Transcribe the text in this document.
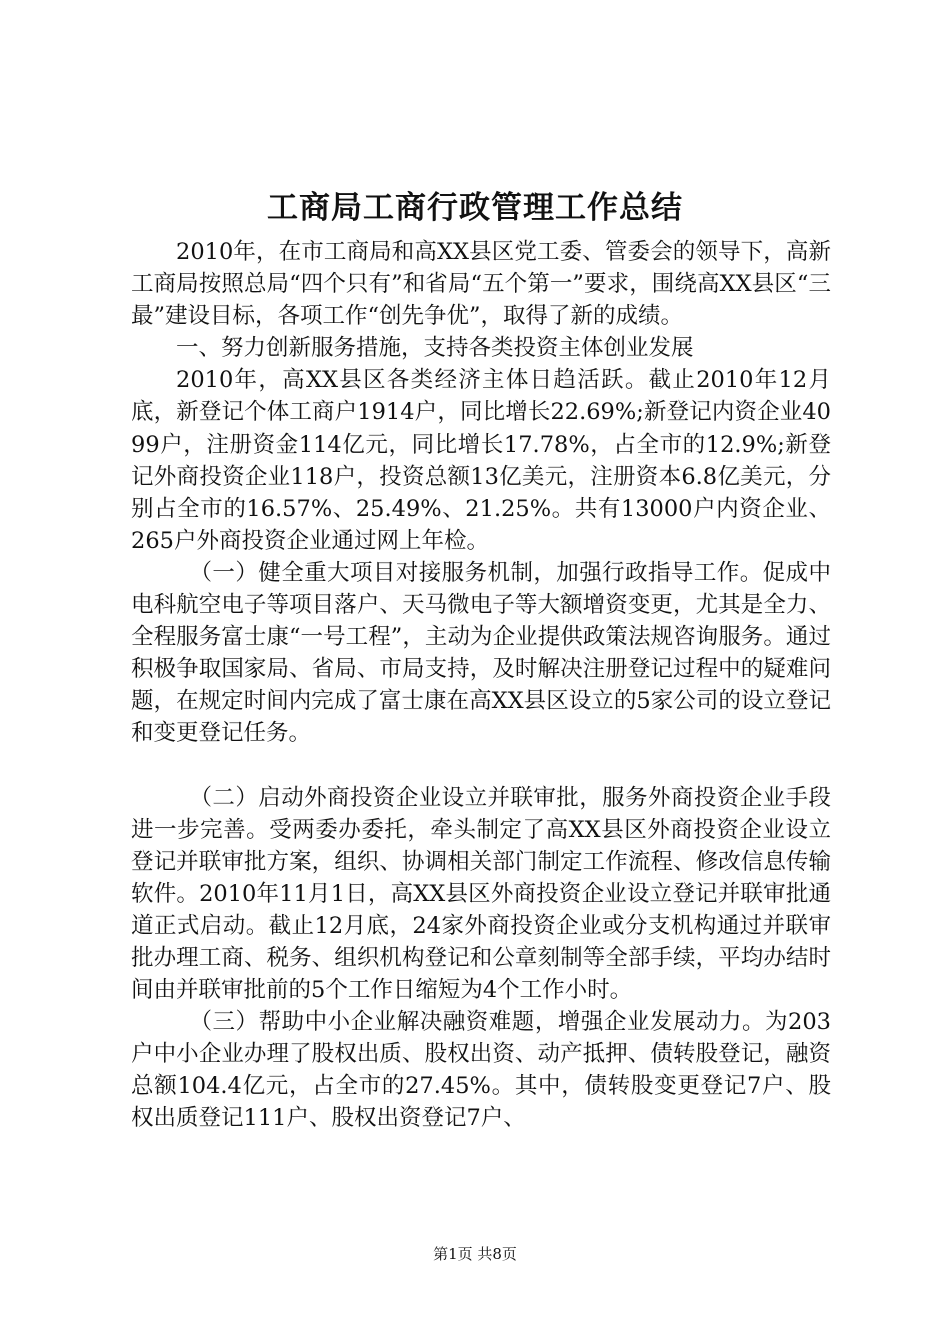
工商局工商行政管理工作总结

2010年，在市工商局和高XX县区党工委、管委会的领导下，高新工商局按照总局“四个只有”和省局“五个第一”要求，围绕高XX县区“三最”建设目标，各项工作“创先争优”，取得了新的成绩。

一、努力创新服务措施，支持各类投资主体创业发展

2010年，高XX县区各类经济主体日趋活跃。截止2010年12月底，新登记个体工商户1914户，同比增长22.69%;新登记内资企业4099户，注册资金114亿元，同比增长17.78%，占全市的12.9%;新登记外商投资企业118户，投资总额13亿美元，注册资本6.8亿美元，分别占全市的16.57%、25.49%、21.25%。共有13000户内资企业、265户外商投资企业通过网上年检。

（一）健全重大项目对接服务机制，加强行政指导工作。促成中电科航空电子等项目落户、天马微电子等大额增资变更，尤其是全力、全程服务富士康“一号工程”，主动为企业提供政策法规咨询服务。通过积极争取国家局、省局、市局支持，及时解决注册登记过程中的疑难问题，在规定时间内完成了富士康在高XX县区设立的5家公司的设立登记和变更登记任务。

（二）启动外商投资企业设立并联审批，服务外商投资企业手段进一步完善。受两委办委托，牵头制定了高XX县区外商投资企业设立登记并联审批方案，组织、协调相关部门制定工作流程、修改信息传输软件。2010年11月1日，高XX县区外商投资企业设立登记并联审批通道正式启动。截止12月底，24家外商投资企业或分支机构通过并联审批办理工商、税务、组织机构登记和公章刻制等全部手续，平均办结时间由并联审批前的5个工作日缩短为4个工作小时。

（三）帮助中小企业解决融资难题，增强企业发展动力。为203户中小企业办理了股权出质、股权出资、动产抵押、债转股登记，融资总额104.4亿元，占全市的27.45%。其中，债转股变更登记7户、股权出质登记111户、股权出资登记7户、

第1页 共8页
